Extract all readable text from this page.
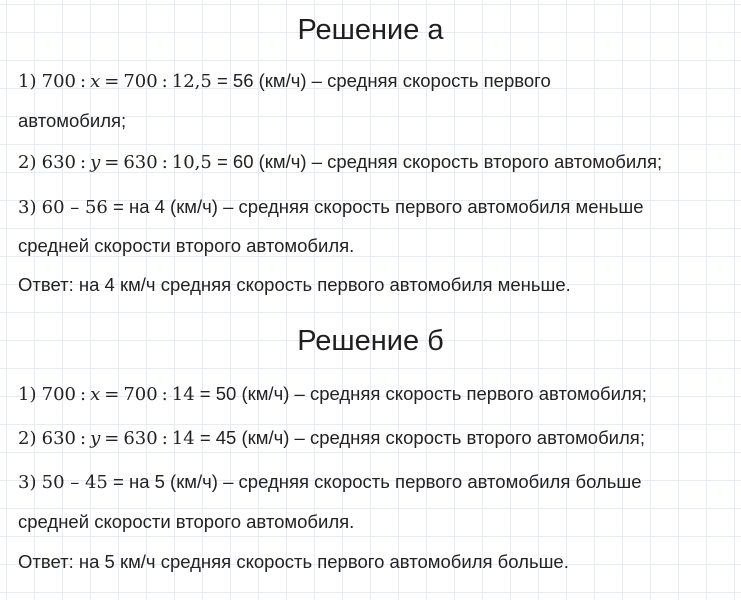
Решение а
1) 700 : x = 700 : 12,5 = 56 (км/ч) – средняя скорость первого
автомобиля;
2) 630 : y = 630 : 10,5 = 60 (км/ч) – средняя скорость второго автомобиля;
3) 60 – 56 = на 4 (км/ч) – средняя скорость первого автомобиля меньше
средней скорости второго автомобиля.
Ответ: на 4 км/ч средняя скорость первого автомобиля меньше.
Решение б
1) 700 : x = 700 : 14 = 50 (км/ч) – средняя скорость первого автомобиля;
2) 630 : y = 630 : 14 = 45 (км/ч) – средняя скорость второго автомобиля;
3) 50 – 45 = на 5 (км/ч) – средняя скорость первого автомобиля больше
средней скорости второго автомобиля.
Ответ: на 5 км/ч средняя скорость первого автомобиля больше.
